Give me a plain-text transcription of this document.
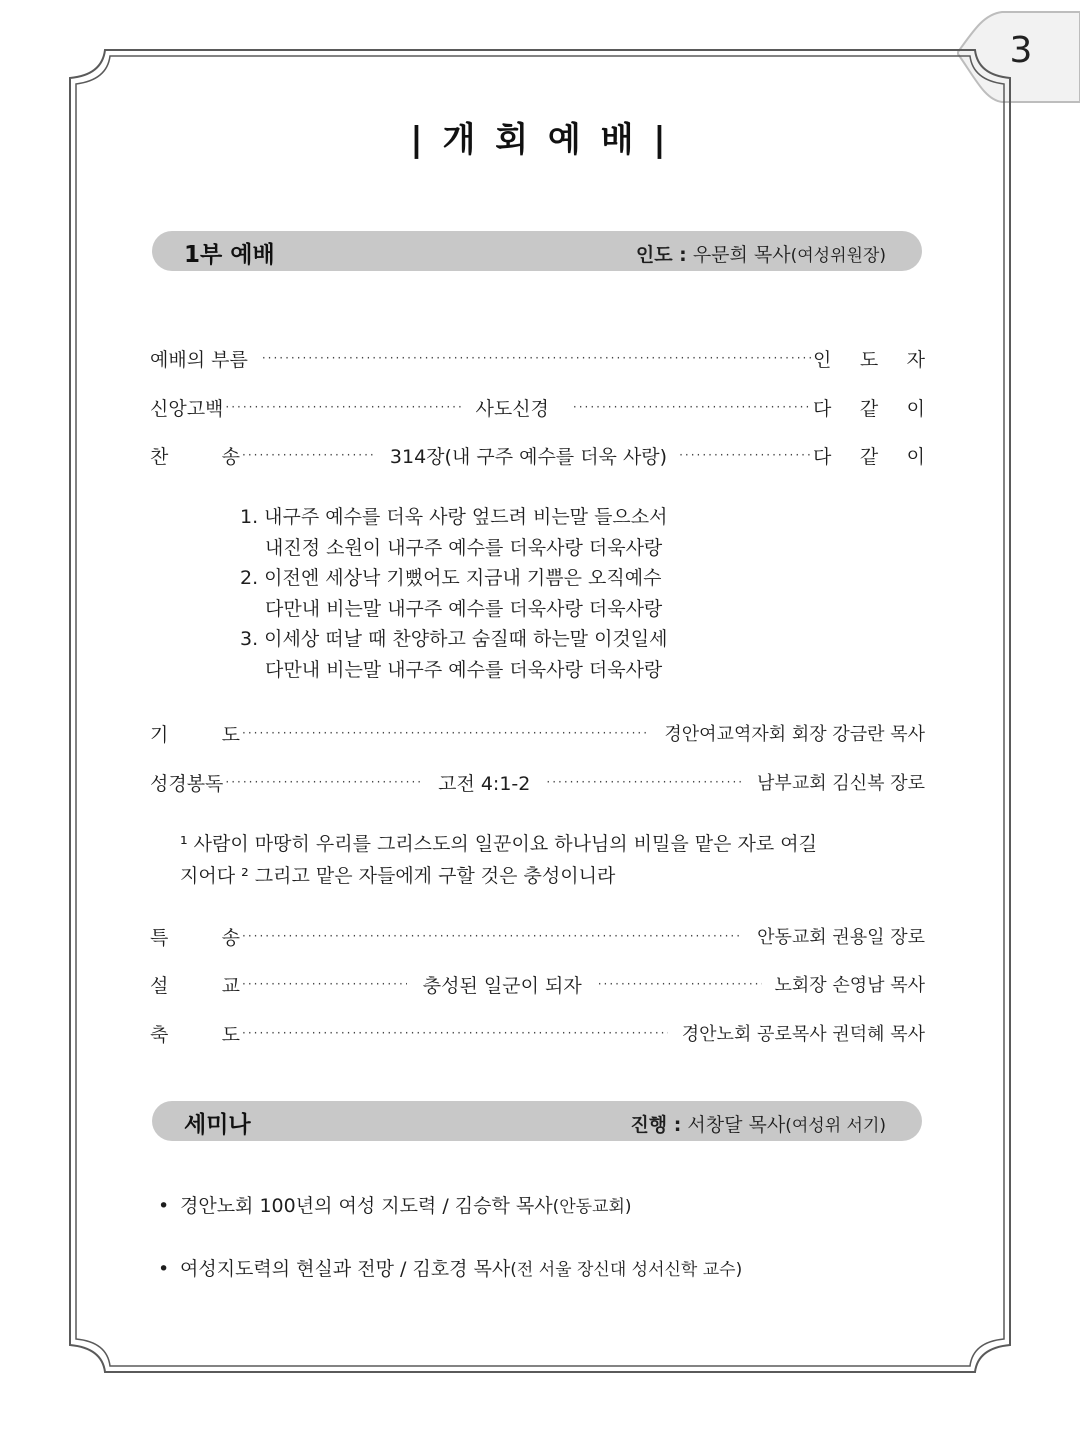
3
| 개 회 예 배 |
1부 예배	인도 : 우문희 목사(여성위원장)
예배의 부름 ·····	인 도 자
신앙고백 ·····	사도신경 ·····	다 같 이
찬	송 ·····	314장(내 구주 예수를 더욱 사랑) ·····	다 같 이
1. 내구주 예수를 더욱 사랑 엎드려 비는말 들으소서
내진정 소원이 내구주 예수를 더욱사랑 더욱사랑
2. 이전엔 세상낙 기뻤어도 지금내 기쁨은 오직예수
다만내 비는말 내구주 예수를 더욱사랑 더욱사랑
3. 이세상 떠날 때 찬양하고 숨질때 하는말 이것일세
다만내 비는말 내구주 예수를 더욱사랑 더욱사랑
기	도 ·····	경안여교역자회 회장 강금란 목사
성경봉독 ·····	고전 4:1-2 ·····	남부교회 김신복 장로
¹ 사람이 마땅히 우리를 그리스도의 일꾼이요 하나님의 비밀을 맡은 자로 여길
지어다 ² 그리고 맡은 자들에게 구할 것은 충성이니라
특	송 ·····	안동교회 권용일 장로
설	교 ·····	충성된 일군이 되자 ·····	노회장 손영남 목사
축	도 ·····	경안노회 공로목사 권덕혜 목사
세미나	진행 : 서창달 목사(여성위 서기)
• 경안노회 100년의 여성 지도력 / 김승학 목사(안동교회)
• 여성지도력의 현실과 전망 / 김호경 목사(전 서울 장신대 성서신학 교수)
